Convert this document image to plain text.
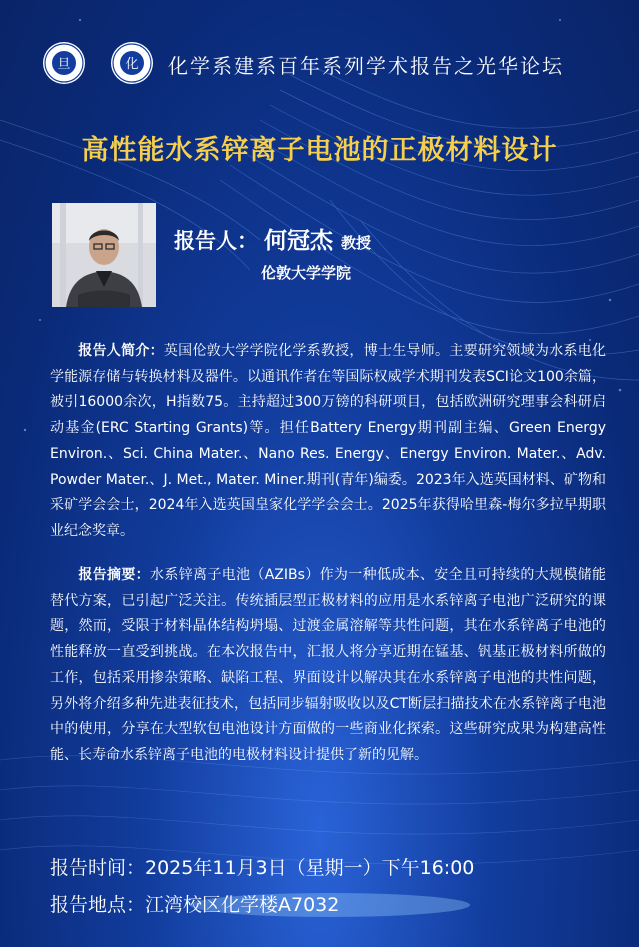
旦	化 化学系建系百年系列学术报告之光华论坛
高性能水系锌离子电池的正极材料设计
报告人： 何冠杰 教授
伦敦大学学院
报告人简介：英国伦敦大学学院化学系教授，博士生导师。主要研究领域为水系电化学能源存储与转换材料及器件。以通讯作者在等国际权威学术期刊发表SCI论文100余篇，被引16000余次，H指数75。主持超过300万镑的科研项目，包括欧洲研究理事会科研启动基金(ERC Starting Grants)等。担任Battery Energy期刊副主编、Green Energy Environ.、Sci. China Mater.、Nano Res. Energy、Energy Environ. Mater.、Adv. Powder Mater.、J. Met., Mater. Miner.期刊(青年)编委。2023年入选英国材料、矿物和采矿学会会士，2024年入选英国皇家化学学会会士。2025年获得哈里森-梅尔多拉早期职业纪念奖章。
报告摘要：水系锌离子电池（AZIBs）作为一种低成本、安全且可持续的大规模储能替代方案，已引起广泛关注。传统插层型正极材料的应用是水系锌离子电池广泛研究的课题，然而，受限于材料晶体结构坍塌、过渡金属溶解等共性问题，其在水系锌离子电池的性能释放一直受到挑战。在本次报告中，汇报人将分享近期在锰基、钒基正极材料所做的工作，包括采用掺杂策略、缺陷工程、界面设计以解决其在水系锌离子电池的共性问题，另外将介绍多种先进表征技术，包括同步辐射吸收以及CT断层扫描技术在水系锌离子电池中的使用，分享在大型软包电池设计方面做的一些商业化探索。这些研究成果为构建高性能、长寿命水系锌离子电池的电极材料设计提供了新的见解。
报告时间：2025年11月3日（星期一）下午16:00
报告地点：江湾校区化学楼A7032
